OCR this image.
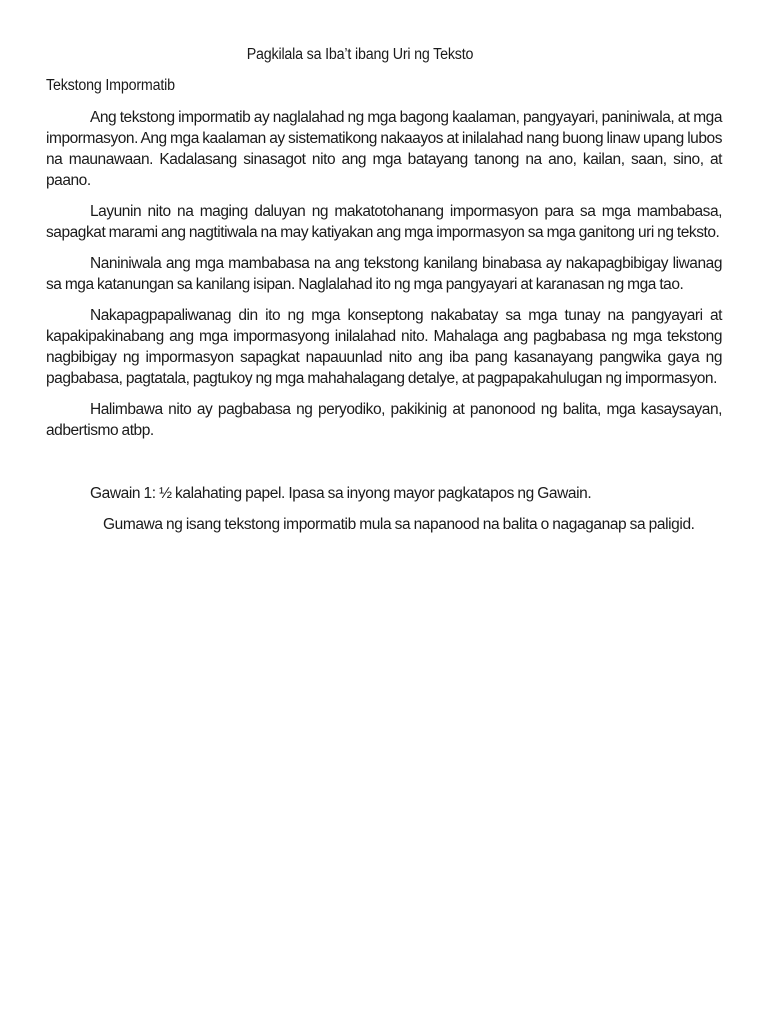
Pagkilala sa Iba’t ibang Uri ng Teksto
Tekstong Impormatib

Ang tekstong impormatib ay naglalahad ng mga bagong kaalaman, pangyayari, paniniwala, at mga impormasyon. Ang mga kaalaman ay sistematikong nakaayos at inilalahad nang buong linaw upang lubos na maunawaan. Kadalasang sinasagot nito ang mga batayang tanong na ano, kailan, saan, sino, at paano.

Layunin nito na maging daluyan ng makatotohanang impormasyon para sa mga mambabasa, sapagkat marami ang nagtitiwala na may katiyakan ang mga impormasyon sa mga ganitong uri ng teksto.

Naniniwala ang mga mambabasa na ang tekstong kanilang binabasa ay nakapagbibigay liwanag sa mga katanungan sa kanilang isipan. Naglalahad ito ng mga pangyayari at karanasan ng mga tao.

Nakapagpapaliwanag din ito ng mga konseptong nakabatay sa mga tunay na pangyayari at kapakipakinabang ang mga impormasyong inilalahad nito. Mahalaga ang pagbabasa ng mga tekstong nagbibigay ng impormasyon sapagkat napauunlad nito ang iba pang kasanayang pangwika gaya ng pagbabasa, pagtatala, pagtukoy ng mga mahahalagang detalye, at pagpapakahulugan ng impormasyon.

Halimbawa nito ay pagbabasa ng peryodiko, pakikinig at panonood ng balita, mga kasaysayan, adbertismo atbp.

Gawain 1: ½ kalahating papel. Ipasa sa inyong mayor pagkatapos ng Gawain.
Gumawa ng isang tekstong impormatib mula sa napanood na balita o nagaganap sa paligid.
